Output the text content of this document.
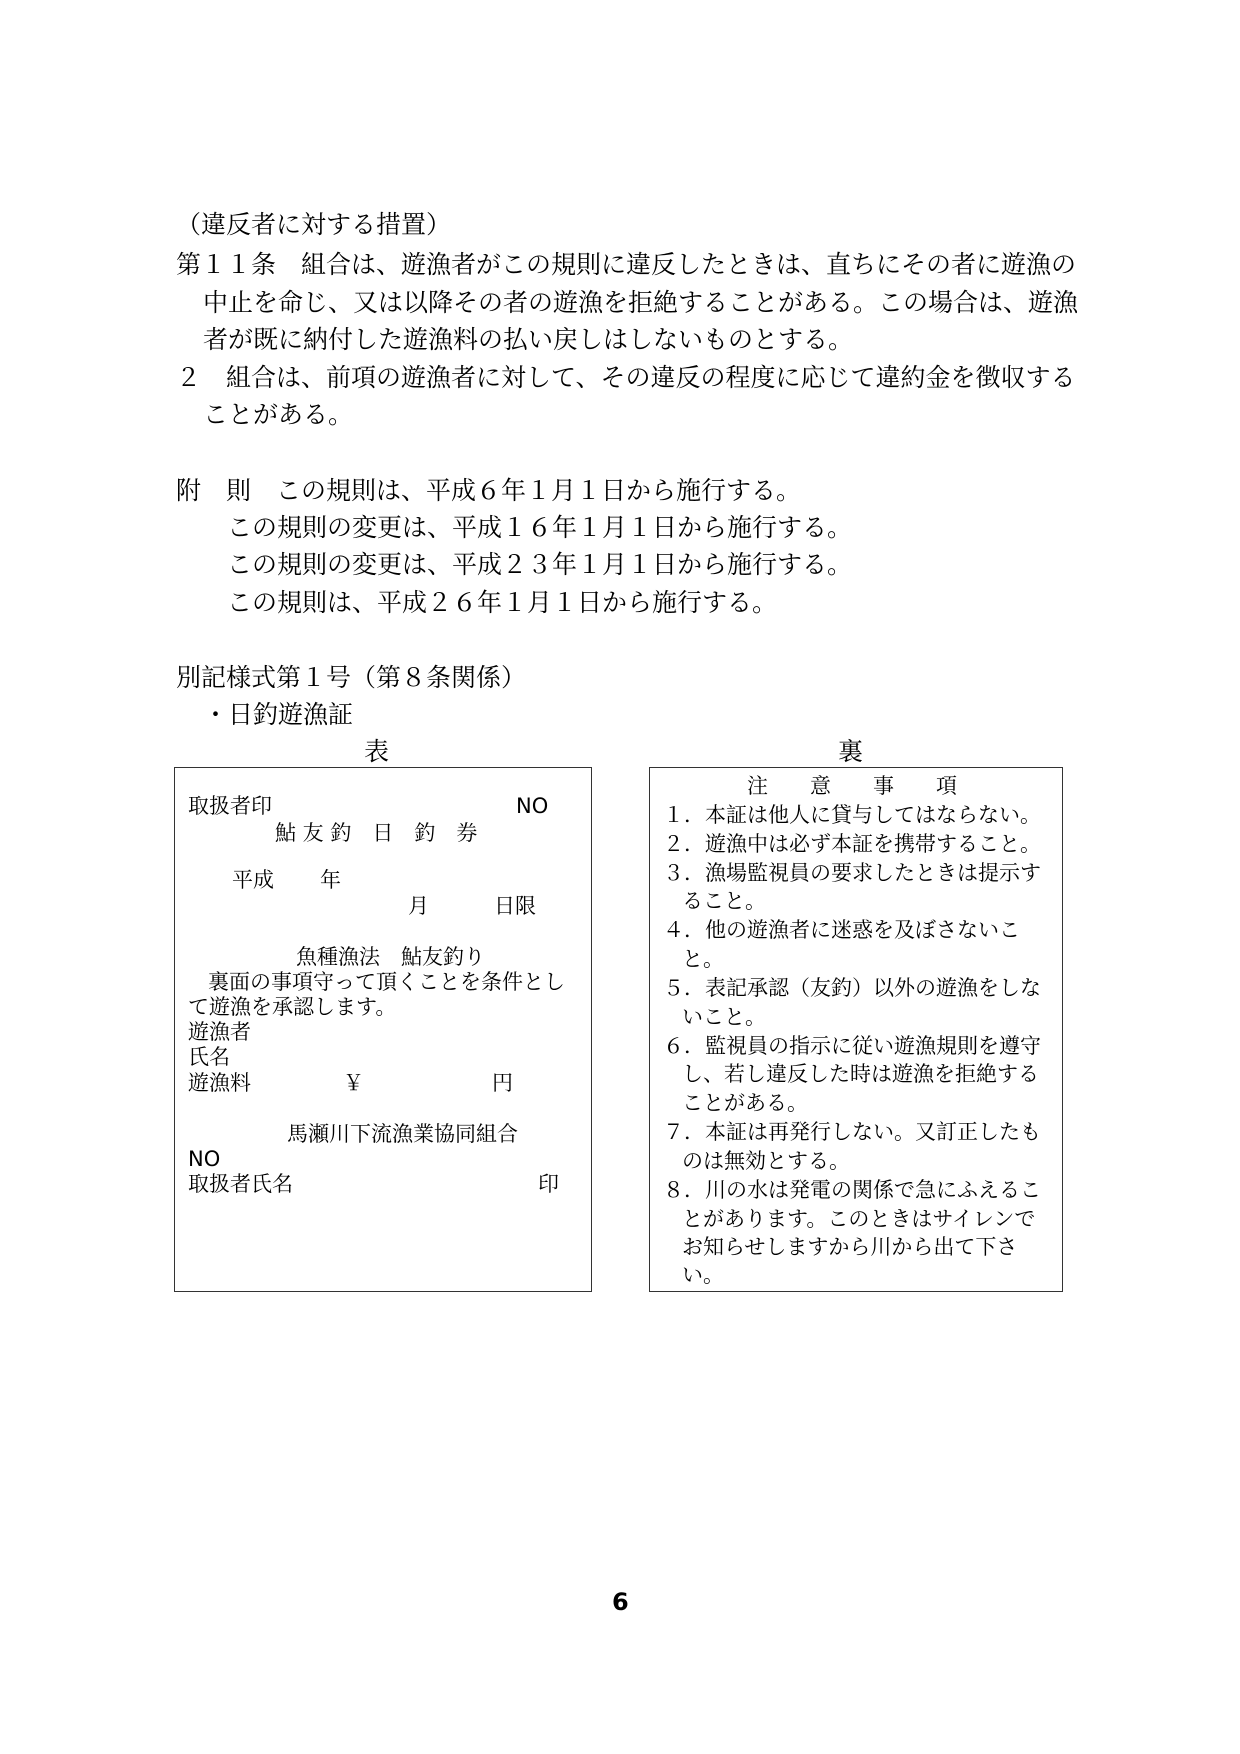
（違反者に対する措置）
第１１条　組合は、遊漁者がこの規則に違反したときは、直ちにその者に遊漁の
中止を命じ、又は以降その者の遊漁を拒絶することがある。この場合は、遊漁
者が既に納付した遊漁料の払い戻しはしないものとする。
２　組合は、前項の遊漁者に対して、その違反の程度に応じて違約金を徴収する
ことがある。
附　則 この規則は、平成６年１月１日から施行する。
この規則の変更は、平成１６年１月１日から施行する。
この規則の変更は、平成２３年１月１日から施行する。
この規則は、平成２６年１月１日から施行する。
別記様式第１号（第８条関係）
・日釣遊漁証
表	裏
取扱者印	NO
鮎 友 釣　日　釣　券
平成 年
月	日限
魚種漁法　鮎友釣り
裏面の事項守って頂くことを条件とし
て遊漁を承認します。
遊漁者
氏名
遊漁料	￥	円
馬瀬川下流漁業協同組合
NO
取扱者氏名	印
注　　意　　事　　項
１．本証は他人に貸与してはならない。
２．遊漁中は必ず本証を携帯すること。
３．漁場監視員の要求したときは提示す
ること。
４．他の遊漁者に迷惑を及ぼさないこ
と。
５．表記承認（友釣）以外の遊漁をしな
いこと。
６．監視員の指示に従い遊漁規則を遵守
し、若し違反した時は遊漁を拒絶する
ことがある。
７．本証は再発行しない。又訂正したも
のは無効とする。
８．川の水は発電の関係で急にふえるこ
とがあります。このときはサイレンで
お知らせしますから川から出て下さ
い。
6
